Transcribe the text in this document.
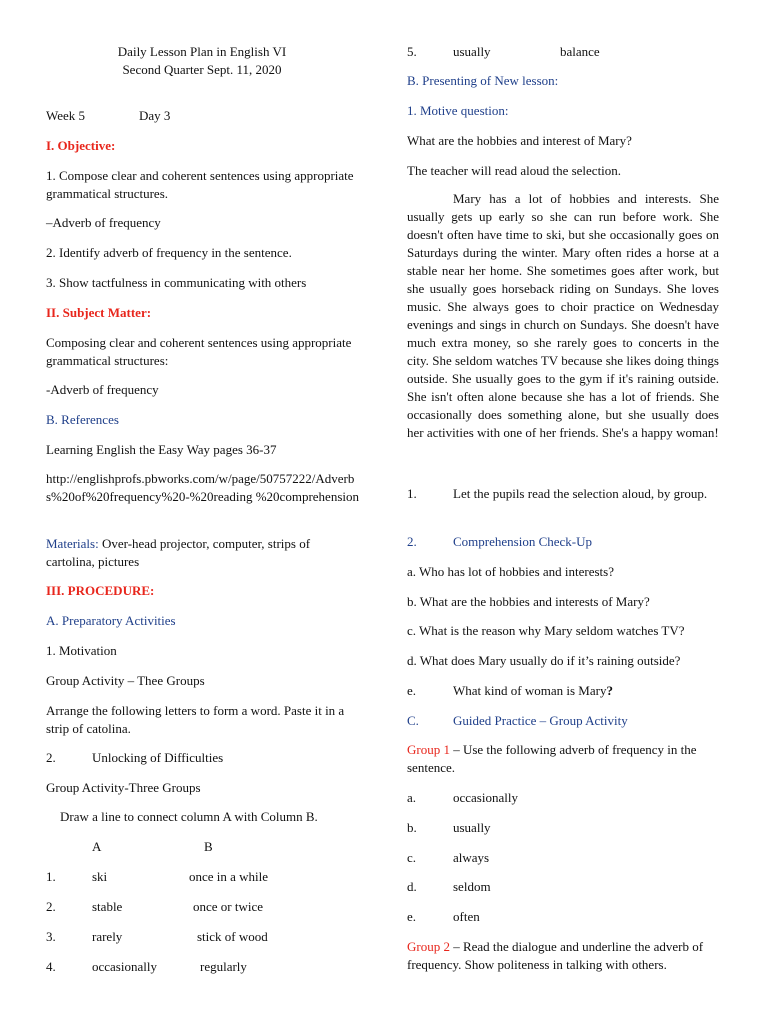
Daily Lesson Plan in English VI

Second Quarter Sept. 11, 2020

Week 5	Day 3

I. Objective:

1. Compose clear and coherent sentences using appropriate grammatical structures.

–Adverb of frequency

2. Identify adverb of frequency in the sentence.

3. Show tactfulness in communicating with others

II. Subject Matter:

Composing clear and coherent sentences using appropriate grammatical structures:

-Adverb of frequency

B. References

Learning English the Easy Way pages 36-37

http://englishprofs.pbworks.com/w/page/50757222/Adverbs%20of%20frequency%20-%20reading %20comprehension

Materials: Over-head projector, computer, strips of cartolina, pictures

III. PROCEDURE:

A. Preparatory Activities

1. Motivation

Group Activity – Thee Groups

Arrange the following letters to form a word. Paste it in a strip of catolina.

2.	Unlocking of Difficulties

Group Activity-Three Groups

Draw a line to connect column A with Column B.

A	B

1.	ski	once in a while

2.	stable	once or twice

3.	rarely	stick of wood

4.	occasionally	regularly

5.	usually	balance

B. Presenting of New lesson:

1. Motive question:

What are the hobbies and interest of Mary?

The teacher will read aloud the selection.

Mary has a lot of hobbies and interests. She usually gets up early so she can run before work. She doesn't often have time to ski, but she occasionally goes on Saturdays during the winter. Mary often rides a horse at a stable near her home. She sometimes goes after work, but she usually goes horseback riding on Sundays. She loves music. She always goes to choir practice on Wednesday evenings and sings in church on Sundays. She doesn't have much extra money, so she rarely goes to concerts in the city. She seldom watches TV because she likes doing things outside. She usually goes to the gym if it's raining outside. She isn't often alone because she has a lot of friends. She occasionally does something alone, but she usually does her activities with one of her friends. She's a happy woman!

1.	Let the pupils read the selection aloud, by group.

2.	Comprehension Check-Up

a. Who has lot of hobbies and interests?

b. What are the hobbies and interests of Mary?

c. What is the reason why Mary seldom watches TV?

d. What does Mary usually do if it’s raining outside?

e.	What kind of woman is Mary?

C.	Guided Practice – Group Activity

Group 1 – Use the following adverb of frequency in the sentence.

a.	occasionally

b.	usually

c.	always

d.	seldom

e.	often

Group 2 – Read the dialogue and underline the adverb of frequency. Show politeness in talking with others.
